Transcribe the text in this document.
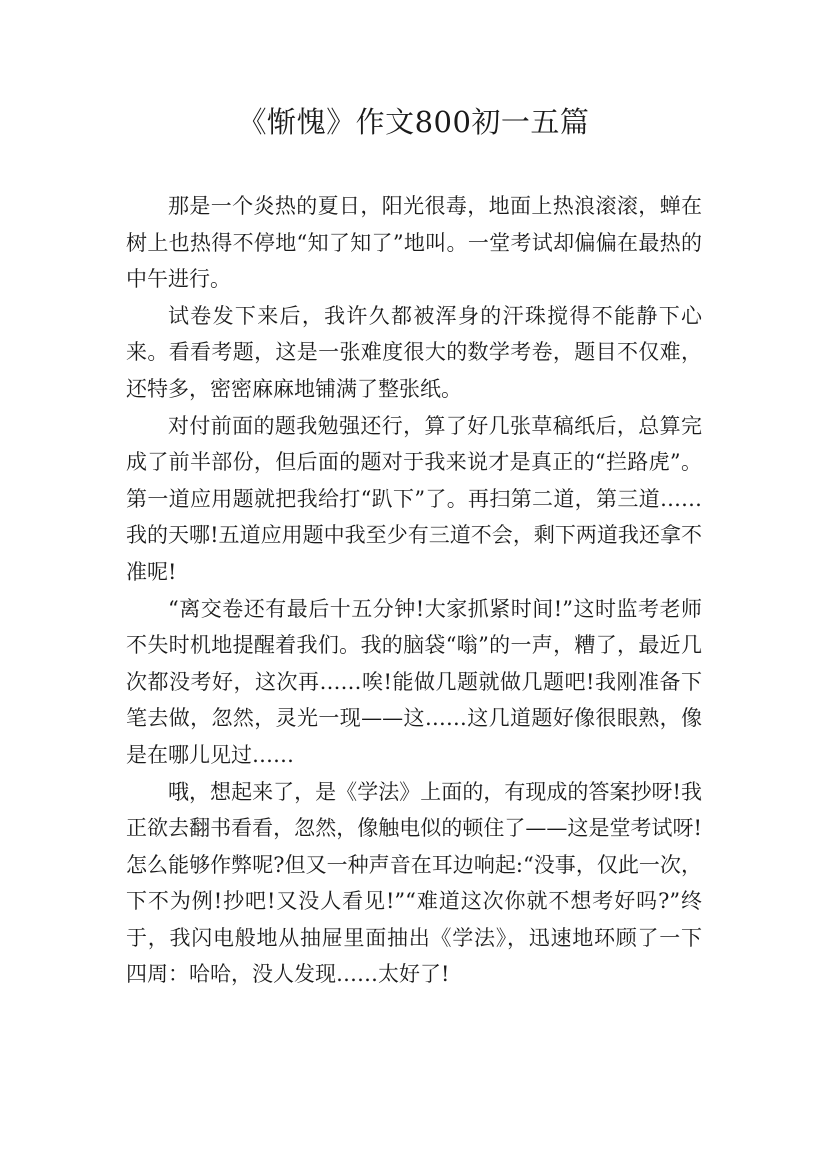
《惭愧》作文800初一五篇

那是一个炎热的夏日，阳光很毒，地面上热浪滚滚，蝉在树上也热得不停地“知了知了”地叫。一堂考试却偏偏在最热的中午进行。

试卷发下来后，我许久都被浑身的汗珠搅得不能静下心来。看看考题，这是一张难度很大的数学考卷，题目不仅难，还特多，密密麻麻地铺满了整张纸。

对付前面的题我勉强还行，算了好几张草稿纸后，总算完成了前半部份，但后面的题对于我来说才是真正的“拦路虎”。第一道应用题就把我给打“趴下”了。再扫第二道，第三道……我的天哪!五道应用题中我至少有三道不会，剩下两道我还拿不准呢!

“离交卷还有最后十五分钟!大家抓紧时间!”这时监考老师不失时机地提醒着我们。我的脑袋“嗡”的一声，糟了，最近几次都没考好，这次再……唉!能做几题就做几题吧!我刚准备下笔去做，忽然，灵光一现——这……这几道题好像很眼熟，像是在哪儿见过……

哦，想起来了，是《学法》上面的，有现成的答案抄呀!我正欲去翻书看看，忽然，像触电似的顿住了——这是堂考试呀!怎么能够作弊呢?但又一种声音在耳边响起:“没事，仅此一次，下不为例!抄吧!又没人看见!”“难道这次你就不想考好吗?”终于，我闪电般地从抽屉里面抽出《学法》，迅速地环顾了一下四周：哈哈，没人发现……太好了!
